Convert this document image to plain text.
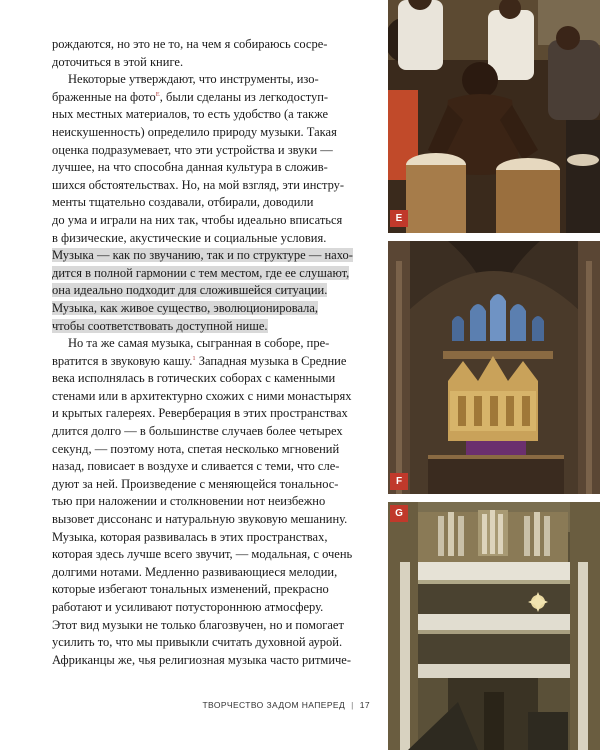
рождаются, но это не то, на чем я собираюсь сосре-
доточиться в этой книге.

Некоторые утверждают, что инструменты, изо-
браженные на фото$^E$, были сделаны из легкодоступ-
ных местных материалов, то есть удобство (а также
неискушенность) определило природу музыки. Такая
оценка подразумевает, что эти устройства и звуки —
лучшее, на что способна данная культура в сложив-
шихся обстоятельствах. Но, на мой взгляд, эти инстру-
менты тщательно создавали, отбирали, доводили
до ума и играли на них так, чтобы идеально вписаться
в физические, акустические и социальные условия.
Музыка — как по звучанию, так и по структуре — нахо-
дится в полной гармонии с тем местом, где ее слушают,
она идеально подходит для сложившейся ситуации.
Музыка, как живое существо, эволюционировала,
чтобы соответствовать доступной нише.

Но та же самая музыка, сыгранная в соборе, пре-
вратится в звуковую кашу.$^1$ Западная музыка в Средние
века исполнялась в готических соборах с каменными
стенами или в архитектурно схожих с ними монастырях
и крытых галереях. Реверберация в этих пространствах
длится долго — в большинстве случаев более четырех
секунд, — поэтому нота, спетая несколько мгновений
назад, повисает в воздухе и сливается с теми, что сле-
дуют за ней. Произведение с меняющейся тональнос-
тью при наложении и столкновении нот неизбежно
вызовет диссонанс и натуральную звуковую мешанину.
Музыка, которая развивалась в этих пространствах,
которая здесь лучше всего звучит, — модальная, с очень
долгими нотами. Медленно развивающиеся мелодии,
которые избегают тональных изменений, прекрасно
работают и усиливают потустороннюю атмосферу.
Этот вид музыки не только благозвучен, но и помогает
усилить то, что мы привыкли считать духовной аурой.
Африканцы же, чья религиозная музыка часто ритмиче-

ТВОРЧЕСТВО ЗАДОМ НАПЕРЕД | 17
E
F
G
